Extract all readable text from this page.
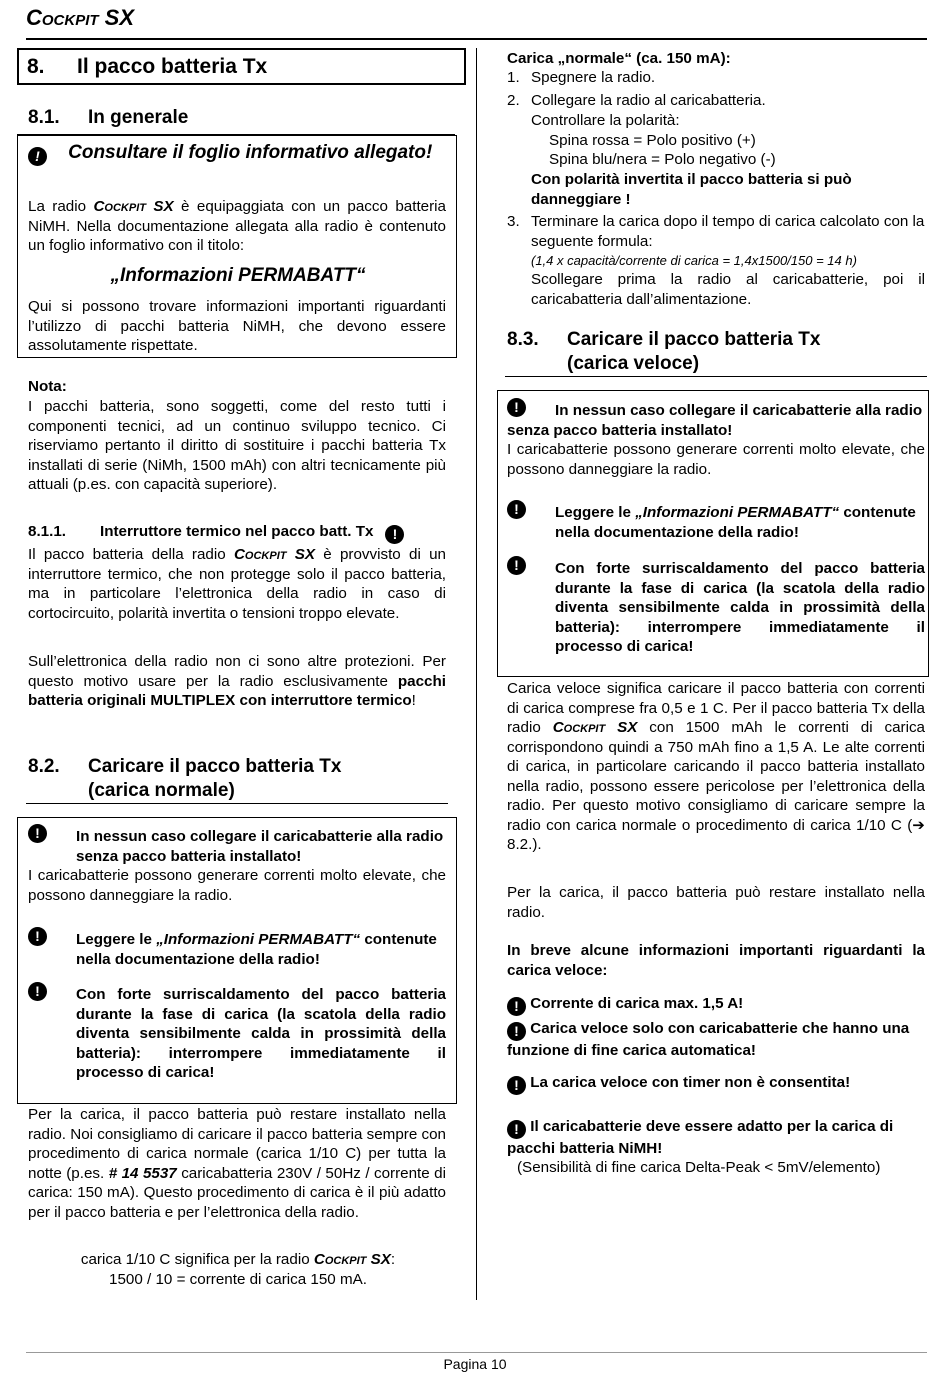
Cockpit SX
8. Il pacco batteria Tx
8.1. In generale
! Consultare il foglio informativo allegato!
La radio Cockpit SX è equipaggiata con un pacco batteria NiMH. Nella documentazione allegata alla radio è contenuto un foglio informativo con il titolo:
„Informazioni PERMABATT“
Qui si possono trovare informazioni importanti riguardanti l’utilizzo di pacchi batteria NiMH, che devono essere assolutamente rispettate.
Nota:
I pacchi batteria, sono soggetti, come del resto tutti i componenti tecnici, ad un continuo sviluppo tecnico. Ci riserviamo pertanto il diritto di sostituire i pacchi batteria Tx installati di serie (NiMh, 1500 mAh) con altri tecnicamente più attuali (p.es. con capacità superiore).
8.1.1. Interruttore termico nel pacco batt. Tx !
Il pacco batteria della radio Cockpit SX è provvisto di un interruttore termico, che non protegge solo il pacco batteria, ma in particolare l’elettronica della radio in caso di cortocircuito, polarità invertita o tensioni troppo elevate.
Sull’elettronica della radio non ci sono altre protezioni. Per questo motivo usare per la radio esclusivamente pacchi batteria originali MULTIPLEX con interruttore termico!
8.2. Caricare il pacco batteria Tx
(carica normale)
!	In nessun caso collegare il caricabatterie alla radio senza pacco batteria installato!
I caricabatterie possono generare correnti molto elevate, che possono danneggiare la radio.
!	Leggere le „Informazioni PERMABATT“ contenute nella documentazione della radio!
!	Con forte surriscaldamento del pacco batteria durante la fase di carica (la scatola della radio diventa sensibilmente calda in prossimità della batteria): interrompere immediatamente il processo di carica!
Per la carica, il pacco batteria può restare installato nella radio. Noi consigliamo di caricare il pacco batteria sempre con procedimento di carica normale (carica 1/10 C) per tutta la notte (p.es. # 14 5537 caricabatteria 230V / 50Hz / corrente di carica: 150 mA). Questo procedimento di carica è il più adatto per il pacco batteria e per l’elettronica della radio.
carica 1/10 C significa per la radio Cockpit SX:
1500 / 10 = corrente di carica 150 mA.
Carica „normale“ (ca. 150 mA):
1. Spegnere la radio.
2. Collegare la radio al caricabatteria.
Controllare la polarità:
Spina rossa = Polo positivo (+)
Spina blu/nera = Polo negativo (-)
Con polarità invertita il pacco batteria si può danneggiare !
3. Terminare la carica dopo il tempo di carica calcolato con la seguente formula:
(1,4 x capacità/corrente di carica = 1,4x1500/150 = 14 h)
Scollegare prima la radio al caricabatterie, poi il caricabatteria dall’alimentazione.
8.3. Caricare il pacco batteria Tx
(carica veloce)
!	In nessun caso collegare il caricabatterie alla radio senza pacco batteria installato!
I caricabatterie possono generare correnti molto elevate, che possono danneggiare la radio.
!	Leggere le „Informazioni PERMABATT“ contenute nella documentazione della radio!
!	Con forte surriscaldamento del pacco batteria durante la fase di carica (la scatola della radio diventa sensibilmente calda in prossimità della batteria): interrompere immediatamente il processo di carica!
Carica veloce significa caricare il pacco batteria con correnti di carica comprese fra 0,5 e 1 C. Per il pacco batteria Tx della radio Cockpit SX con 1500 mAh le correnti di carica corrispondono quindi a 750 mAh fino a 1,5 A. Le alte correnti di carica, in particolare caricando il pacco batteria installato nella radio, possono essere pericolose per l’elettronica della radio. Per questo motivo consigliamo di caricare sempre la radio con carica normale o procedimento di carica 1/10 C (➔ 8.2.).
Per la carica, il pacco batteria può restare installato nella radio.
In breve alcune informazioni importanti riguardanti la carica veloce:
! Corrente di carica max. 1,5 A!
! Carica veloce solo con caricabatterie che hanno una funzione di fine carica automatica!
! La carica veloce con timer non è consentita!
! Il caricabatterie deve essere adatto per la carica di pacchi batteria NiMH!
(Sensibilità di fine carica Delta-Peak < 5mV/elemento)
Pagina 10
